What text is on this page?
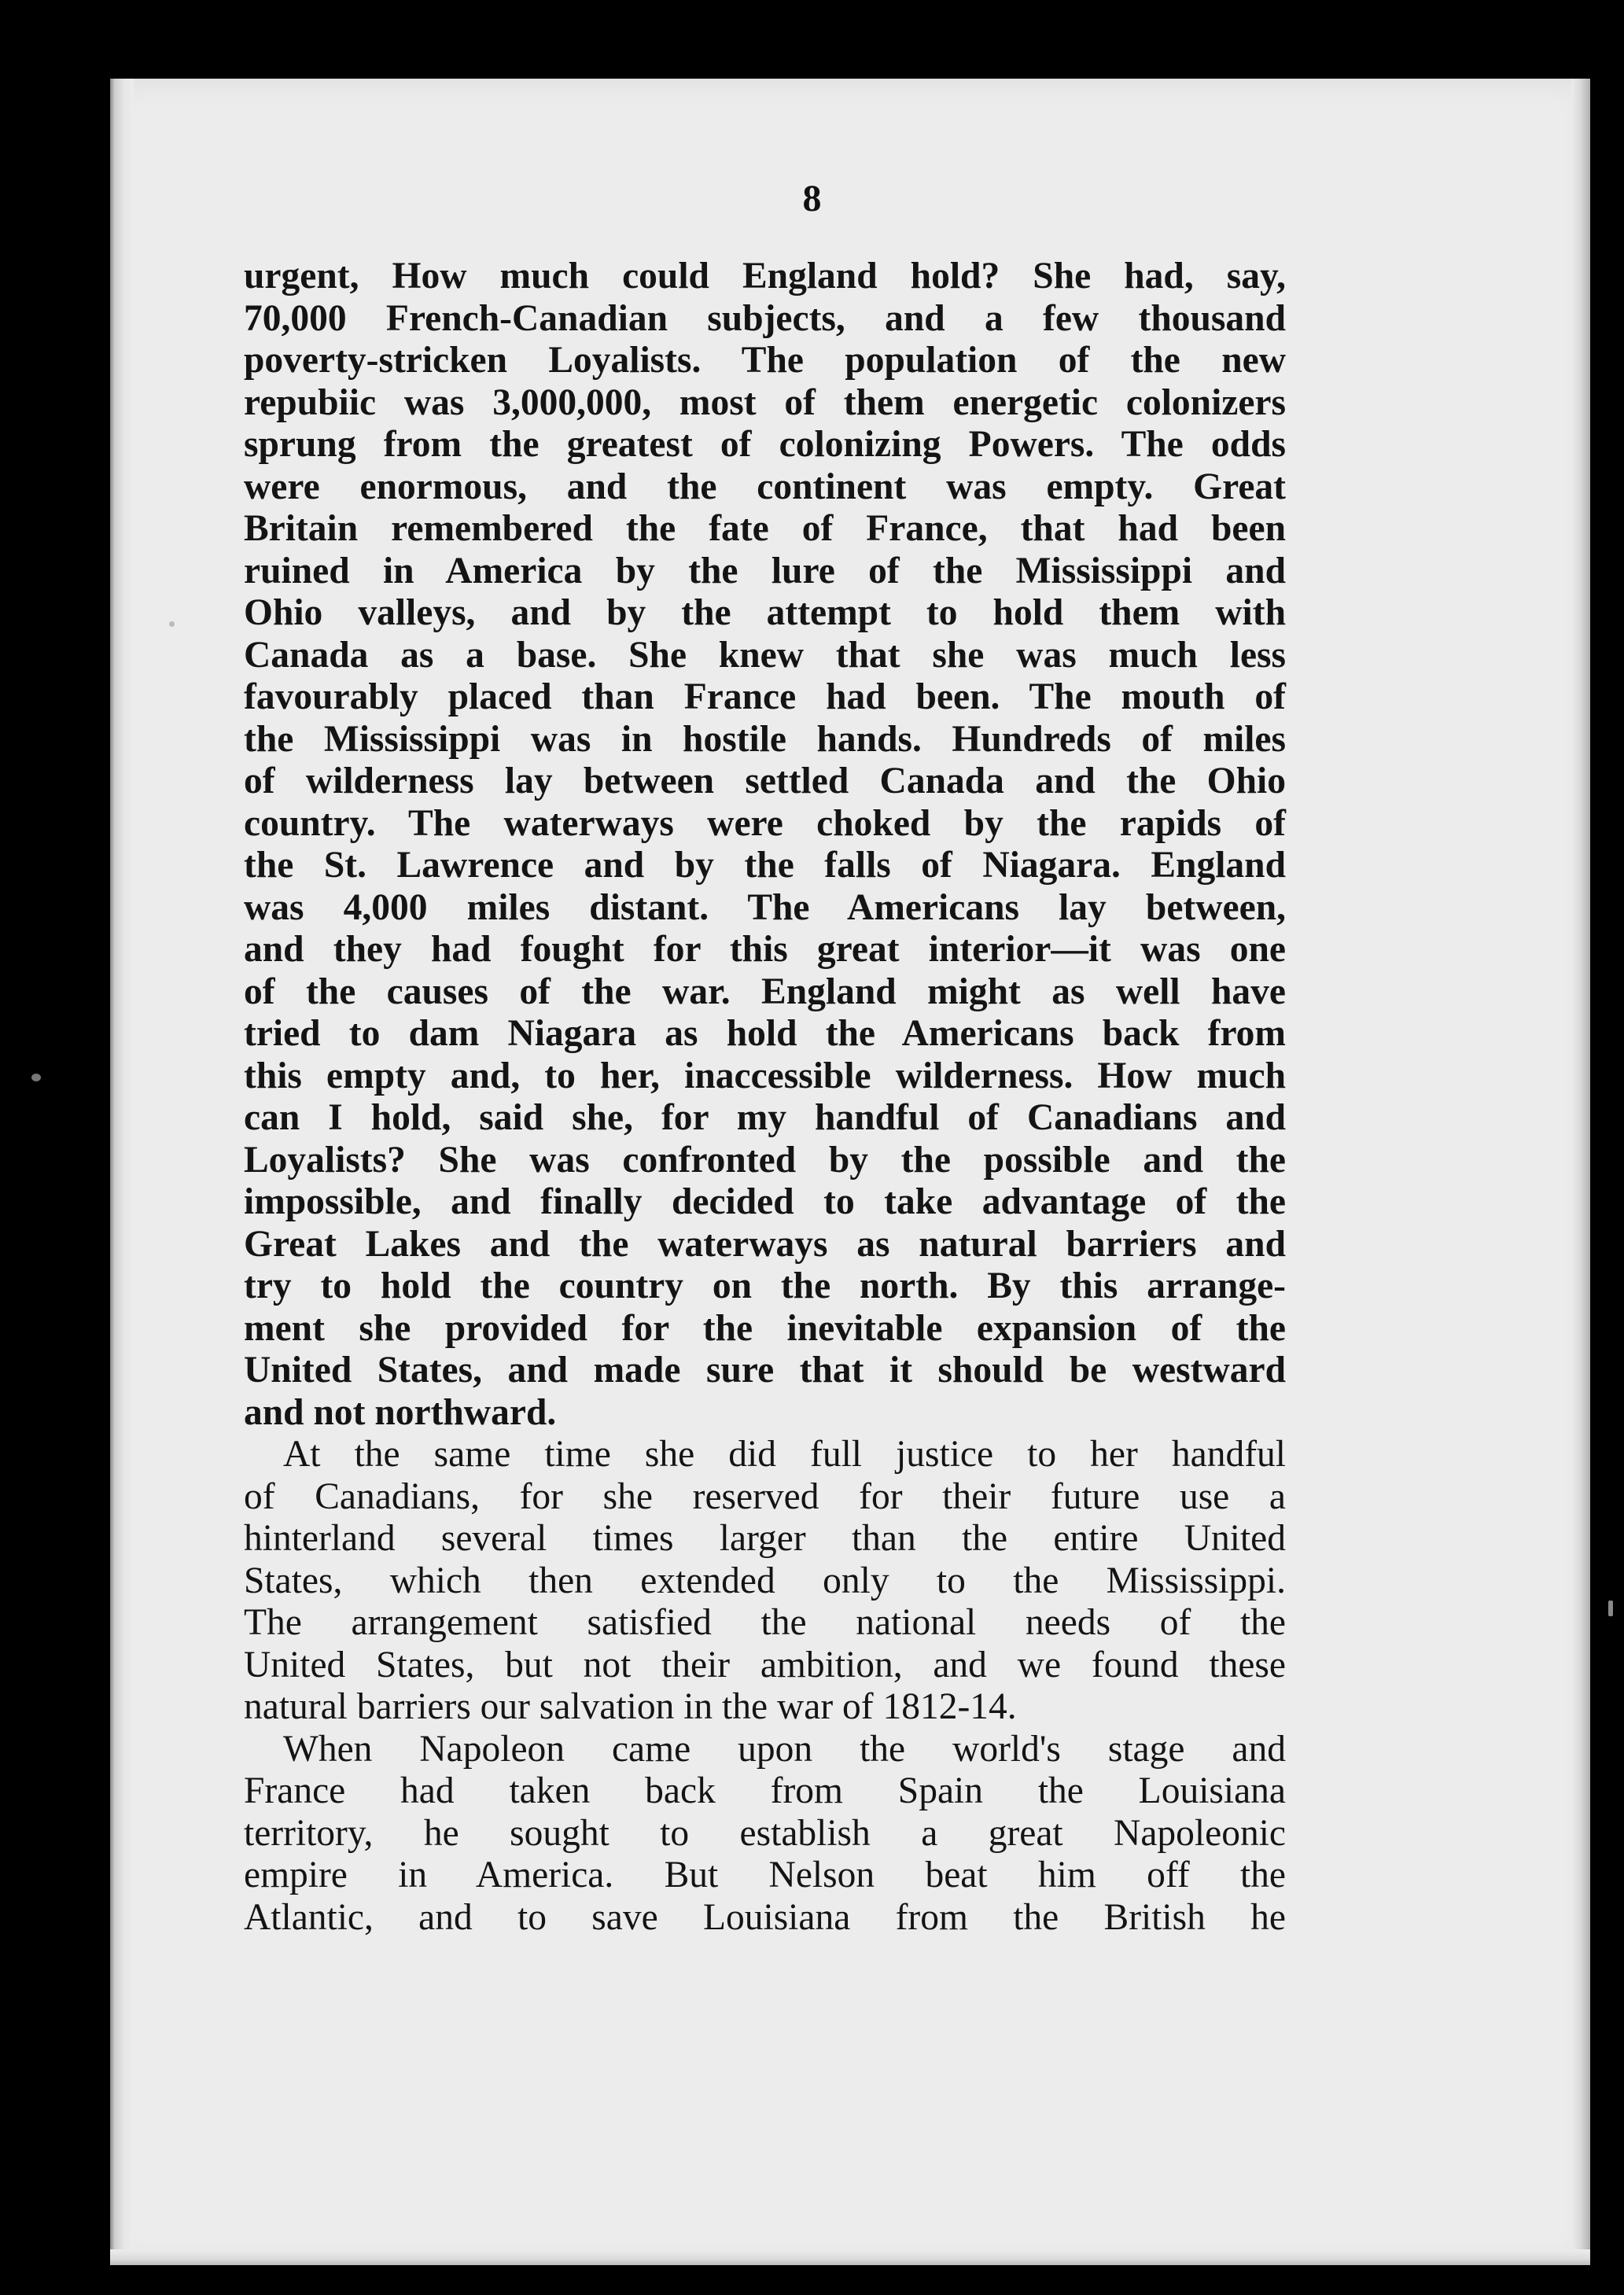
8
urgent, How much could England hold? She had, say,
70,000 French-Canadian subjects, and a few thousand
poverty-stricken Loyalists. The population of the new
repubiic was 3,000,000, most of them energetic colonizers
sprung from the greatest of colonizing Powers. The odds
were enormous, and the continent was empty. Great
Britain remembered the fate of France, that had been
ruined in America by the lure of the Mississippi and
Ohio valleys, and by the attempt to hold them with
Canada as a base. She knew that she was much less
favourably placed than France had been. The mouth of
the Mississippi was in hostile hands. Hundreds of miles
of wilderness lay between settled Canada and the Ohio
country. The waterways were choked by the rapids of
the St. Lawrence and by the falls of Niagara. England
was 4,000 miles distant. The Americans lay between,
and they had fought for this great interior—it was one
of the causes of the war. England might as well have
tried to dam Niagara as hold the Americans back from
this empty and, to her, inaccessible wilderness. How much
can I hold, said she, for my handful of Canadians and
Loyalists? She was confronted by the possible and the
impossible, and finally decided to take advantage of the
Great Lakes and the waterways as natural barriers and
try to hold the country on the north. By this arrange-
ment she provided for the inevitable expansion of the
United States, and made sure that it should be westward
and not northward.
At the same time she did full justice to her handful
of Canadians, for she reserved for their future use a
hinterland several times larger than the entire United
States, which then extended only to the Mississippi.
The arrangement satisfied the national needs of the
United States, but not their ambition, and we found these
natural barriers our salvation in the war of 1812-14.
When Napoleon came upon the world's stage and
France had taken back from Spain the Louisiana
territory, he sought to establish a great Napoleonic
empire in America. But Nelson beat him off the
Atlantic, and to save Louisiana from the British he
